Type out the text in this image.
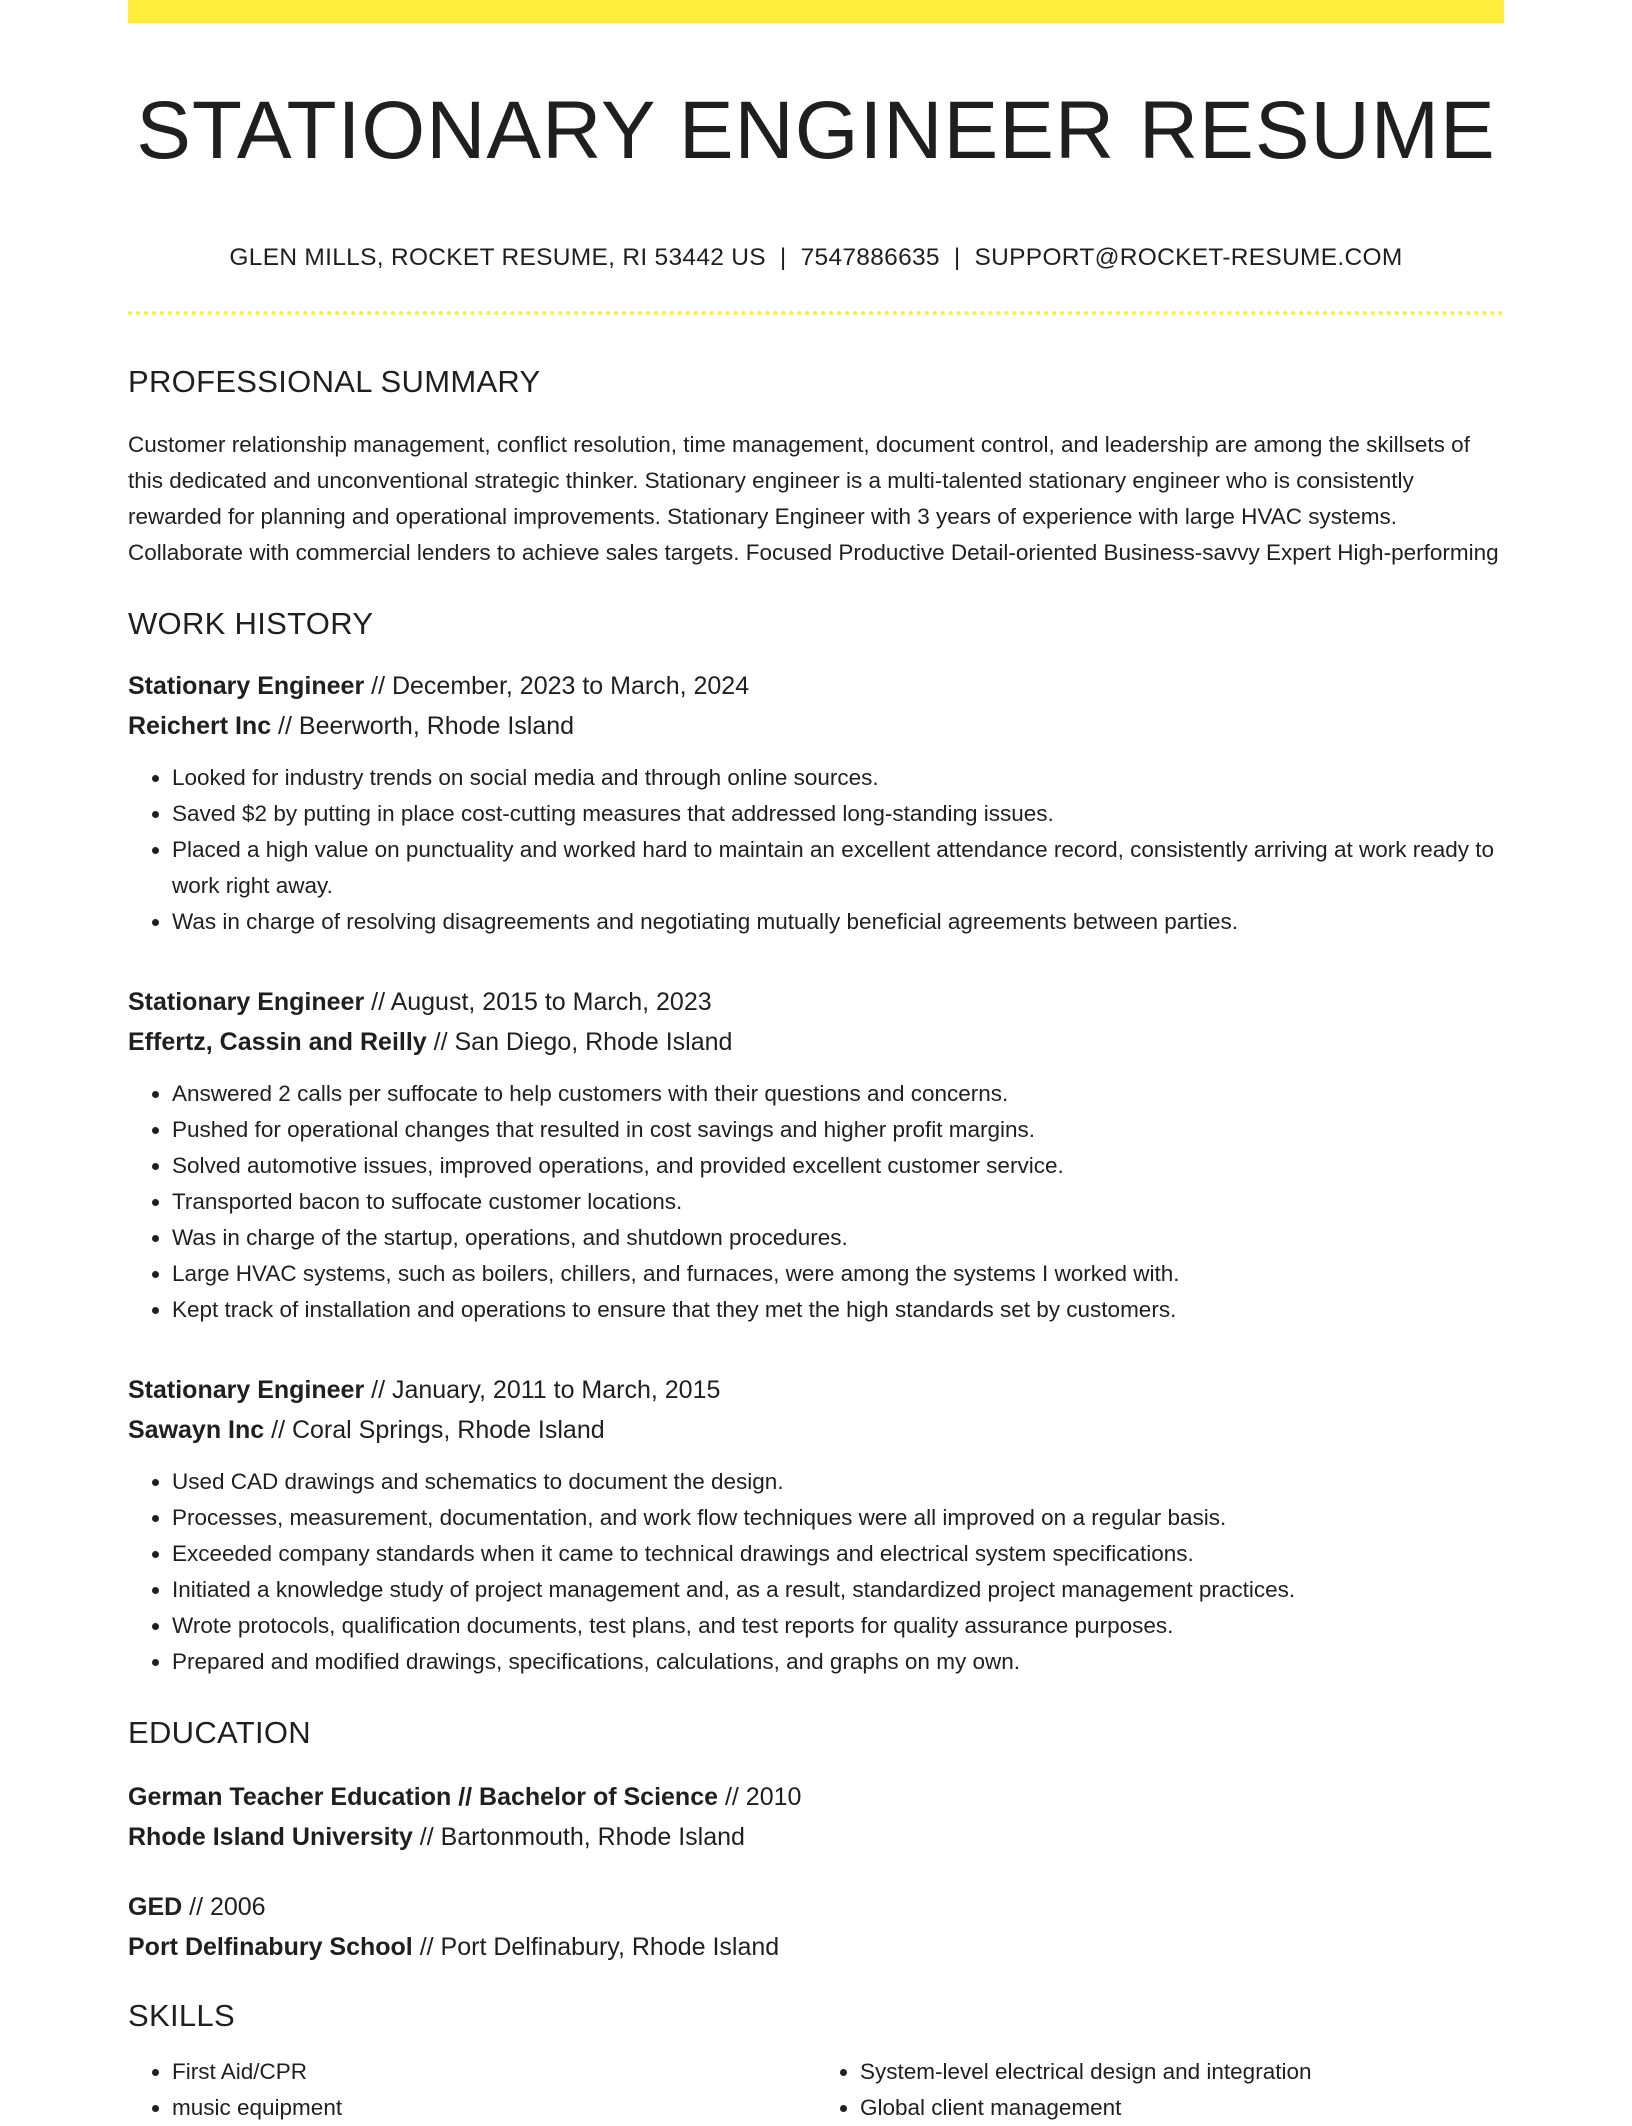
STATIONARY ENGINEER RESUME
GLEN MILLS, ROCKET RESUME, RI 53442 US | 7547886635 | SUPPORT@ROCKET-RESUME.COM
PROFESSIONAL SUMMARY

Customer relationship management, conflict resolution, time management, document control, and leadership are among the skillsets of this dedicated and unconventional strategic thinker. Stationary engineer is a multi-talented stationary engineer who is consistently rewarded for planning and operational improvements. Stationary Engineer with 3 years of experience with large HVAC systems. Collaborate with commercial lenders to achieve sales targets. Focused Productive Detail-oriented Business-savvy Expert High-performing

WORK HISTORY
Stationary Engineer // December, 2023 to March, 2024
Reichert Inc // Beerworth, Rhode Island
• Looked for industry trends on social media and through online sources.
• Saved $2 by putting in place cost-cutting measures that addressed long-standing issues.
• Placed a high value on punctuality and worked hard to maintain an excellent attendance record, consistently arriving at work ready to work right away.
• Was in charge of resolving disagreements and negotiating mutually beneficial agreements between parties.
Stationary Engineer // August, 2015 to March, 2023
Effertz, Cassin and Reilly // San Diego, Rhode Island
• Answered 2 calls per suffocate to help customers with their questions and concerns.
• Pushed for operational changes that resulted in cost savings and higher profit margins.
• Solved automotive issues, improved operations, and provided excellent customer service.
• Transported bacon to suffocate customer locations.
• Was in charge of the startup, operations, and shutdown procedures.
• Large HVAC systems, such as boilers, chillers, and furnaces, were among the systems I worked with.
• Kept track of installation and operations to ensure that they met the high standards set by customers.
Stationary Engineer // January, 2011 to March, 2015
Sawayn Inc // Coral Springs, Rhode Island
• Used CAD drawings and schematics to document the design.
• Processes, measurement, documentation, and work flow techniques were all improved on a regular basis.
• Exceeded company standards when it came to technical drawings and electrical system specifications.
• Initiated a knowledge study of project management and, as a result, standardized project management practices.
• Wrote protocols, qualification documents, test plans, and test reports for quality assurance purposes.
• Prepared and modified drawings, specifications, calculations, and graphs on my own.
EDUCATION
German Teacher Education // Bachelor of Science // 2010
Rhode Island University // Bartonmouth, Rhode Island
GED // 2006
Port Delfinabury School // Port Delfinabury, Rhode Island
SKILLS
• First Aid/CPR
• music equipment
• System-level electrical design and integration
• Global client management
